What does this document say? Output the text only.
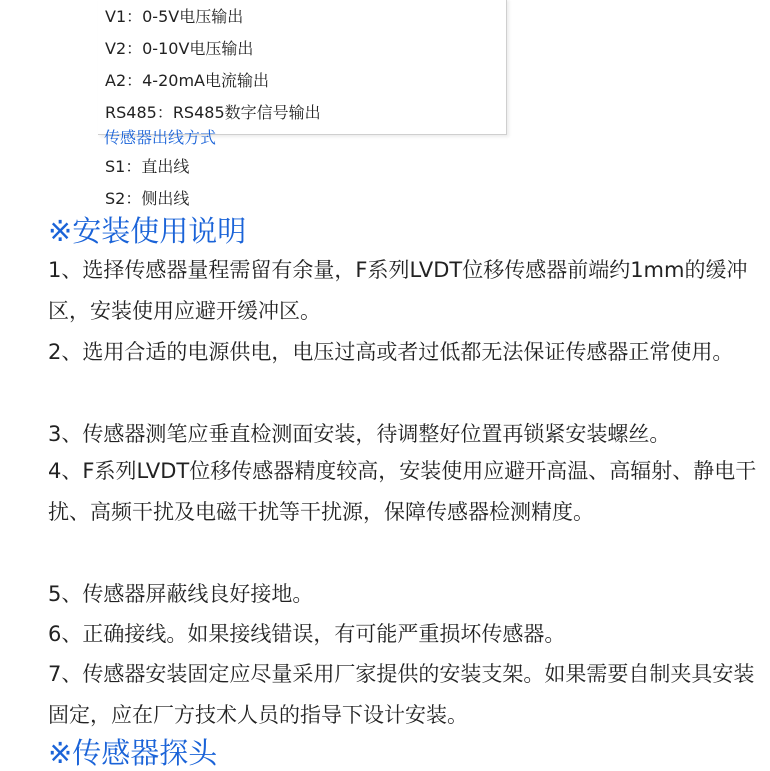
V1：0-5V电压输出

V2：0-10V电压输出

A2：4-20mA电流输出

RS485：RS485数字信号输出

传感器出线方式

S1：直出线

S2：侧出线

※安装使用说明

1、选择传感器量程需留有余量，F系列LVDT位移传感器前端约1mm的缓冲区，安装使用应避开缓冲区。

2、选用合适的电源供电，电压过高或者过低都无法保证传感器正常使用。

3、传感器测笔应垂直检测面安装，待调整好位置再锁紧安装螺丝。

4、F系列LVDT位移传感器精度较高，安装使用应避开高温、高辐射、静电干扰、高频干扰及电磁干扰等干扰源，保障传感器检测精度。

5、传感器屏蔽线良好接地。

6、正确接线。如果接线错误，有可能严重损坏传感器。

7、传感器安装固定应尽量采用厂家提供的安装支架。如果需要自制夹具安装固定，应在厂方技术人员的指导下设计安装。

※传感器探头
